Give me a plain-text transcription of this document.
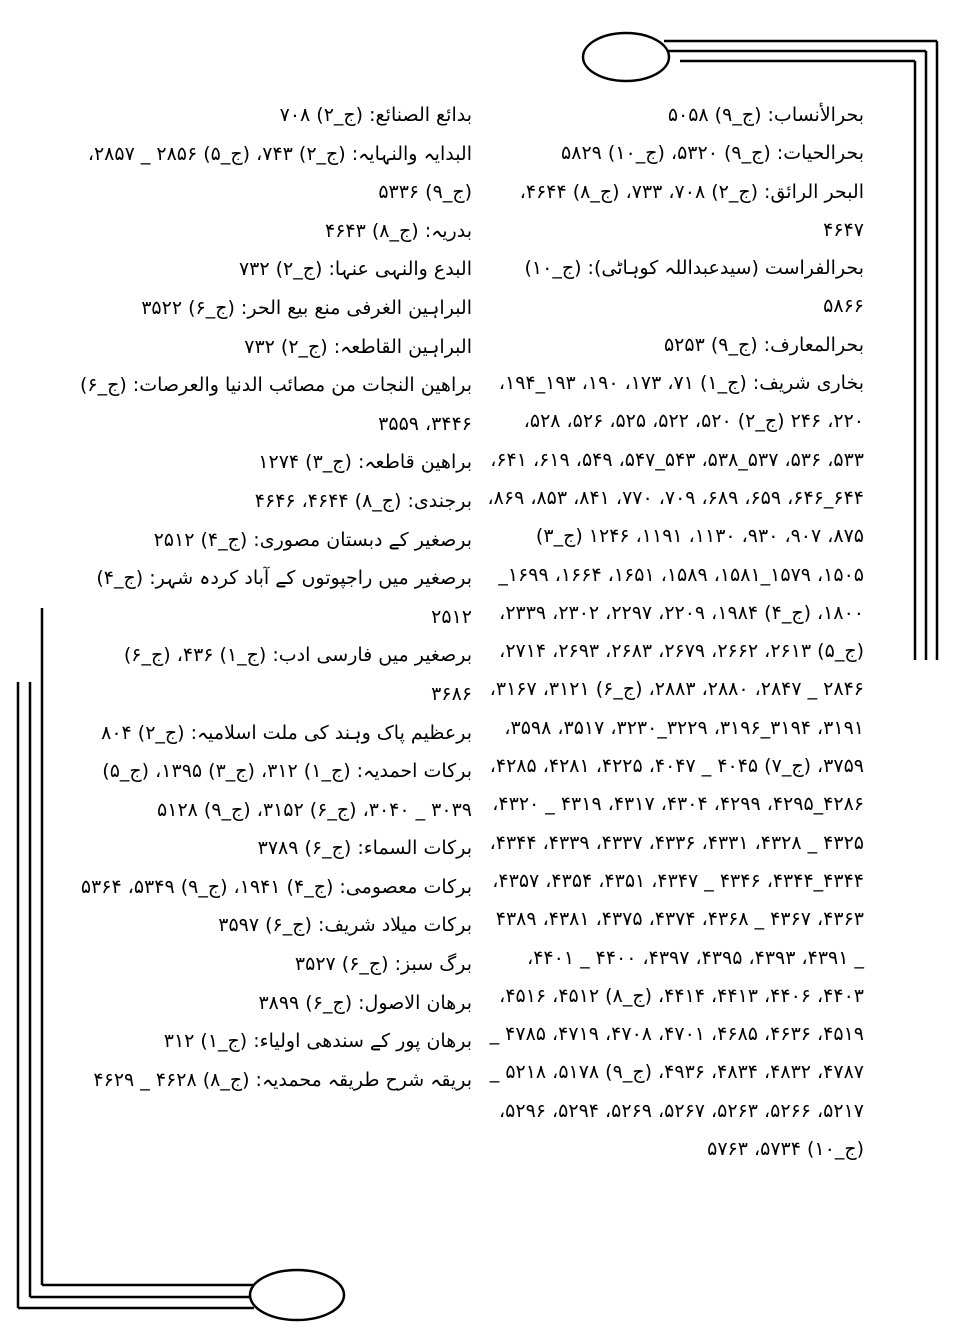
بحرالأنساب: (ج_۹) ۵۰۵۸

بحرالحیات: (ج_۹) ۵۳۲۰، (ج_۱۰) ۵۸۲۹

البحر الرائق: (ج_۲) ۷۰۸، ۷۳۳، (ج_۸) ۴۶۴۴، ۴۶۴۷

بحرالفراست (سیدعبداللہ کوہاٹی): (ج_۱۰) ۵۸۶۶

بحرالمعارف: (ج_۹) ۵۲۵۳

بخاری شریف: (ج_۱) ۷۱، ۱۷۳، ۱۹۰، ۱۹۳_۱۹۴، ۲۲۰، ۲۴۶ (ج_۲) ۵۲۰، ۵۲۲، ۵۲۵، ۵۲۶، ۵۲۸، ۵۳۳، ۵۳۶، ۵۳۷_۵۳۸، ۵۴۳_۵۴۷، ۵۴۹، ۶۱۹، ۶۴۱، ۶۴۴_۶۴۶، ۶۵۹، ۶۸۹، ۷۰۹، ۷۷۰، ۸۴۱، ۸۵۳، ۸۶۹، ۸۷۵، ۹۰۷، ۹۳۰، ۱۱۳۰، ۱۱۹۱، ۱۲۴۶ (ج_۳) ۱۵۰۵، ۱۵۷۹_۱۵۸۱، ۱۵۸۹، ۱۶۵۱، ۱۶۶۴، ۱۶۹۹_ ۱۸۰۰، (ج_۴) ۱۹۸۴، ۲۲۰۹، ۲۲۹۷، ۲۳۰۲، ۲۳۳۹، (ج_۵) ۲۶۱۳، ۲۶۶۲، ۲۶۷۹، ۲۶۸۳، ۲۶۹۳، ۲۷۱۴، ۲۸۴۶ _ ۲۸۴۷، ۲۸۸۰، ۲۸۸۳، (ج_۶) ۳۱۲۱، ۳۱۶۷، ۳۱۹۱، ۳۱۹۴_۳۱۹۶، ۳۲۲۹_۳۲۳۰، ۳۵۱۷، ۳۵۹۸، ۳۷۵۹، (ج_۷) ۴۰۴۵ _ ۴۰۴۷، ۴۲۲۵، ۴۲۸۱، ۴۲۸۵، ۴۲۸۶_۴۲۹۵، ۴۲۹۹، ۴۳۰۴، ۴۳۱۷، ۴۳۱۹ _ ۴۳۲۰، ۴۳۲۵ _ ۴۳۲۸، ۴۳۳۱، ۴۳۳۶، ۴۳۳۷، ۴۳۳۹، ۴۳۴۴، ۴۳۴۴_۴۳۴۴، ۴۳۴۶ _ ۴۳۴۷، ۴۳۵۱، ۴۳۵۴، ۴۳۵۷، ۴۳۶۳، ۴۳۶۷ _ ۴۳۶۸، ۴۳۷۴، ۴۳۷۵، ۴۳۸۱، ۴۳۸۹ _ ۴۳۹۱، ۴۳۹۳، ۴۳۹۵، ۴۳۹۷، ۴۴۰۰ _ ۴۴۰۱، ۴۴۰۳، ۴۴۰۶، ۴۴۱۳، ۴۴۱۴، (ج_۸) ۴۵۱۲، ۴۵۱۶، ۴۵۱۹، ۴۶۳۶، ۴۶۸۵، ۴۷۰۱، ۴۷۰۸، ۴۷۱۹، ۴۷۸۵ _ ۴۷۸۷، ۴۸۳۲، ۴۸۳۴، ۴۹۳۶، (ج_۹) ۵۱۷۸، ۵۲۱۸ _ ۵۲۱۷، ۵۲۶۶، ۵۲۶۳، ۵۲۶۷، ۵۲۶۹، ۵۲۹۴، ۵۲۹۶، (ج_۱۰) ۵۷۳۴، ۵۷۶۳

بدائع الصنائع: (ج_۲) ۷۰۸

البدایہ والنہایہ: (ج_۲) ۷۴۳، (ج_۵) ۲۸۵۶ _ ۲۸۵۷، (ج_۹) ۵۳۳۶

بدریہ: (ج_۸) ۴۶۴۳

البدع والنہی عنہا: (ج_۲) ۷۳۲

البراہین الغرفی منع بیع الحر: (ج_۶) ۳۵۲۲

البراہین القاطعہ: (ج_۲) ۷۳۲

براھین النجات من مصائب الدنیا والعرصات: (ج_۶) ۳۴۴۶، ۳۵۵۹

براھین قاطعہ: (ج_۳) ۱۲۷۴

برجندی: (ج_۸) ۴۶۴۴، ۴۶۴۶

برصغیر کے دبستان مصوری: (ج_۴) ۲۵۱۲

برصغیر میں راجپوتوں کے آباد کردہ شہر: (ج_۴) ۲۵۱۲

برصغیر میں فارسی ادب: (ج_۱) ۴۳۶، (ج_۶) ۳۶۸۶

برعظیم پاک وہند کی ملت اسلامیہ: (ج_۲) ۸۰۴

برکات احمدیہ: (ج_۱) ۳۱۲، (ج_۳) ۱۳۹۵، (ج_۵) ۳۰۳۹ _ ۳۰۴۰، (ج_۶) ۳۱۵۲، (ج_۹) ۵۱۲۸

برکات السماء: (ج_۶) ۳۷۸۹

برکات معصومی: (ج_۴) ۱۹۴۱، (ج_۹) ۵۳۴۹، ۵۳۶۴

برکات میلاد شریف: (ج_۶) ۳۵۹۷

برگ سبز: (ج_۶) ۳۵۲۷

برھان الاصول: (ج_۶) ۳۸۹۹

برھان پور کے سندھی اولیاء: (ج_۱) ۳۱۲

بریقہ شرح طریقہ محمدیہ: (ج_۸) ۴۶۲۸ _ ۴۶۲۹
